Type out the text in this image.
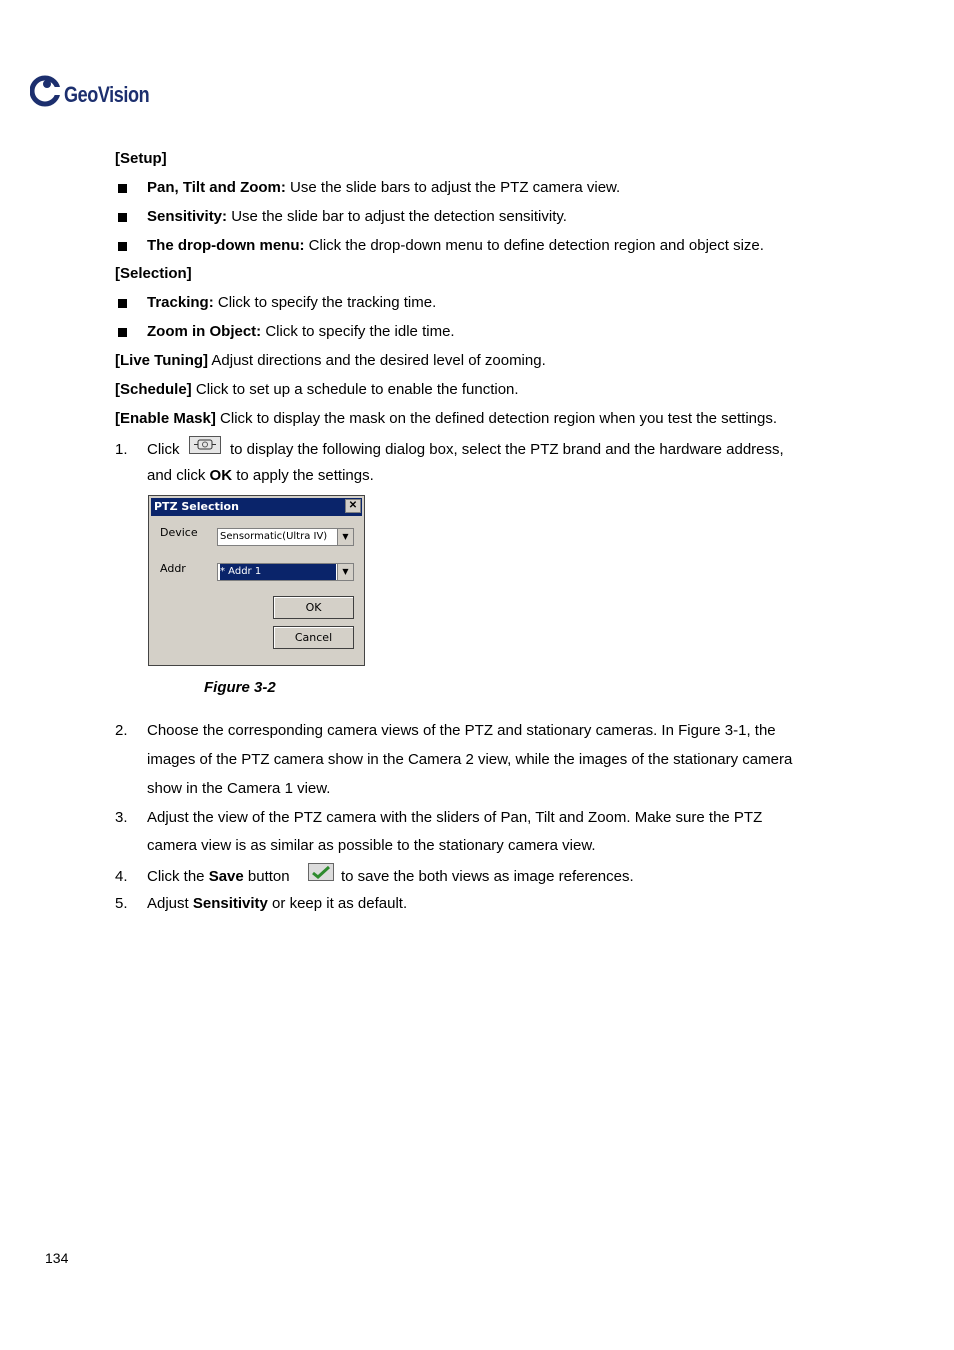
GeoVision
[Setup]
Pan, Tilt and Zoom: Use the slide bars to adjust the PTZ camera view.
Sensitivity: Use the slide bar to adjust the detection sensitivity.
The drop-down menu: Click the drop-down menu to define detection region and object size.
[Selection]
Tracking: Click to specify the tracking time.
Zoom in Object: Click to specify the idle time.
[Live Tuning] Adjust directions and the desired level of zooming.
[Schedule] Click to set up a schedule to enable the function.
[Enable Mask] Click to display the mask on the defined detection region when you test the settings.
1. Click	to display the following dialog box, select the PTZ brand and the hardware address,
and click OK to apply the settings.
PTZ Selection	✕
Device	Sensormatic(Ultra IV)	▼
Addr	* Addr 1	▼
OK
Cancel
Figure 3-2
2. Choose the corresponding camera views of the PTZ and stationary cameras. In Figure 3-1, the
images of the PTZ camera show in the Camera 2 view, while the images of the stationary camera
show in the Camera 1 view.
3. Adjust the view of the PTZ camera with the sliders of Pan, Tilt and Zoom. Make sure the PTZ
camera view is as similar as possible to the stationary camera view.
4. Click the Save button	to save the both views as image references.
5. Adjust Sensitivity or keep it as default.
134
